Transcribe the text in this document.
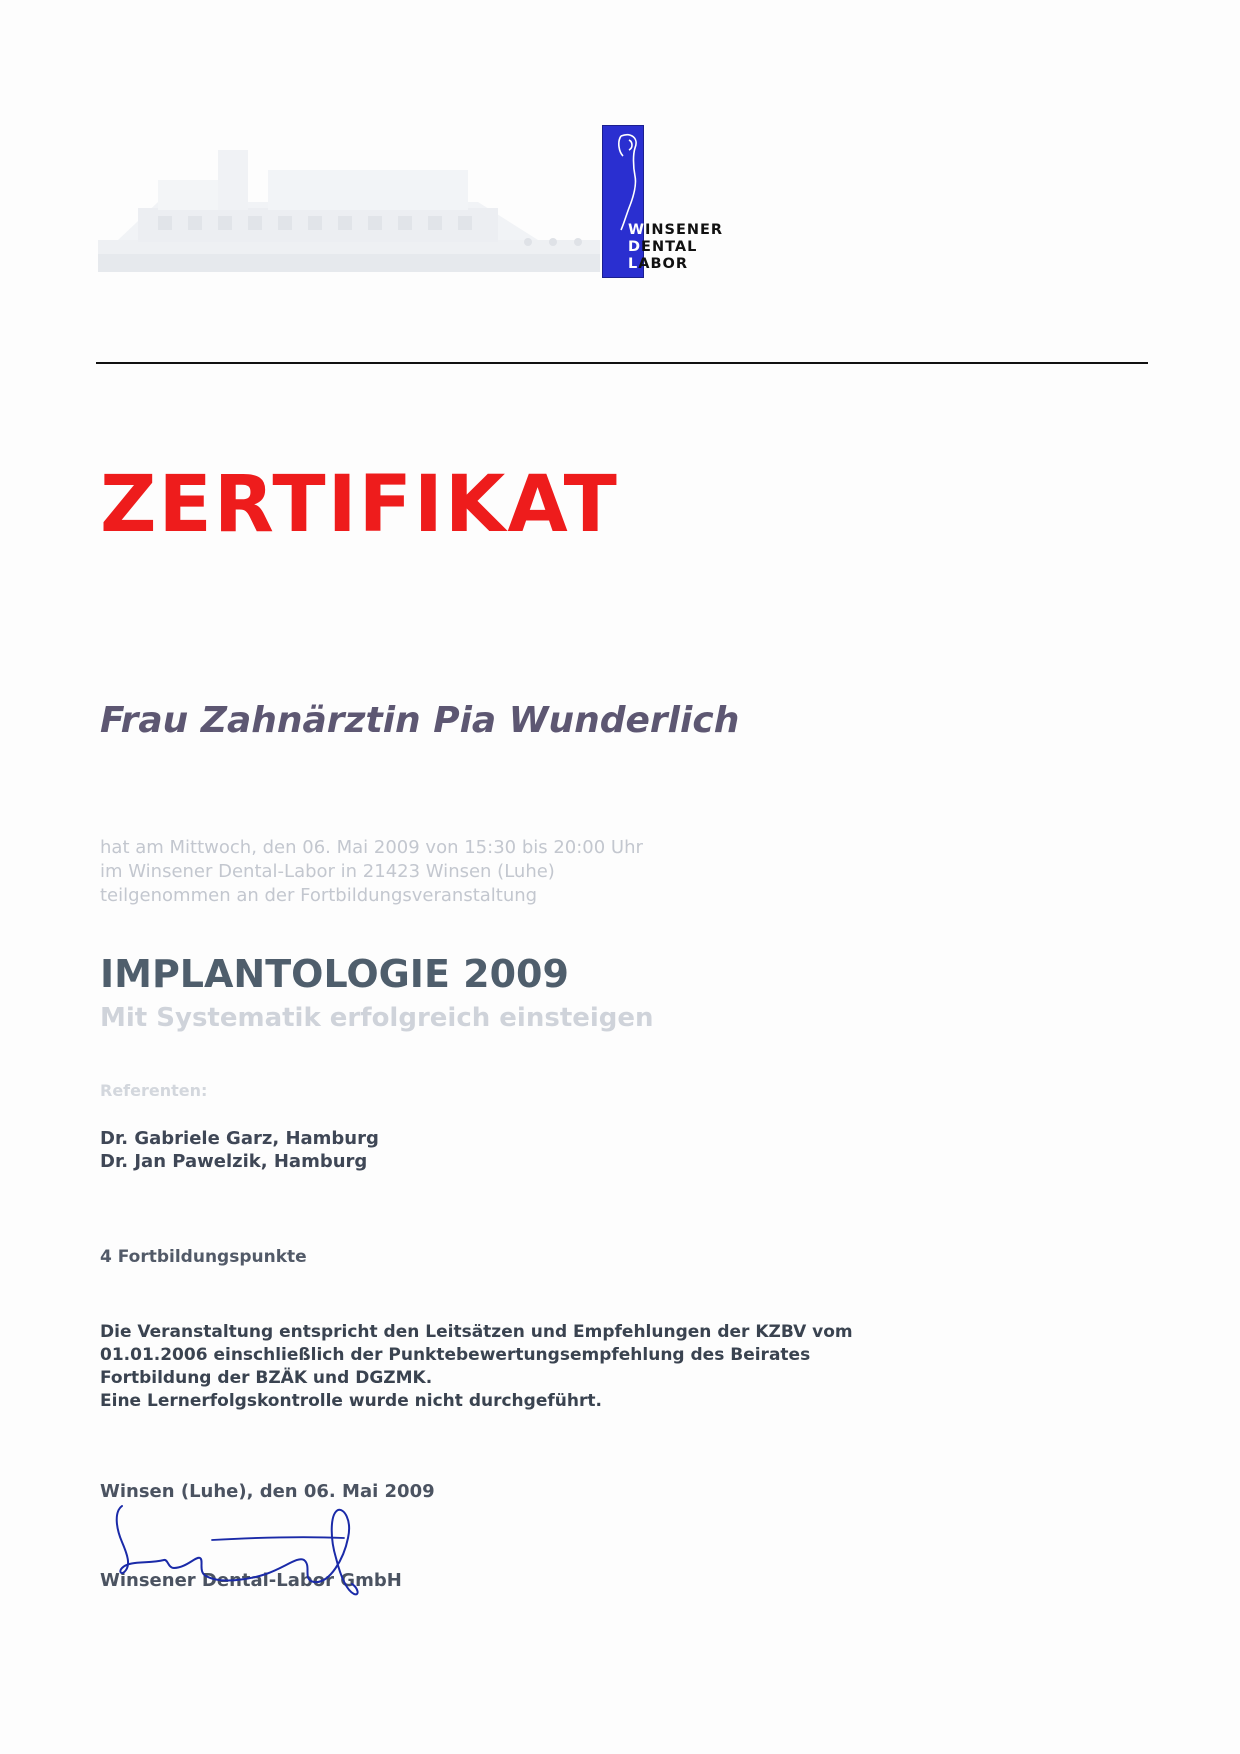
WINSENER
DENTAL
LABOR
ZERTIFIKAT
Frau Zahnärztin Pia Wunderlich
hat am Mittwoch, den 06. Mai 2009 von 15:30 bis 20:00 Uhr
im Winsener Dental-Labor in 21423 Winsen (Luhe)
teilgenommen an der Fortbildungsveranstaltung
IMPLANTOLOGIE 2009
Mit Systematik erfolgreich einsteigen
Referenten:
Dr. Gabriele Garz, Hamburg
Dr. Jan Pawelzik, Hamburg
4 Fortbildungspunkte
Die Veranstaltung entspricht den Leitsätzen und Empfehlungen der KZBV vom
01.01.2006 einschließlich der Punktebewertungsempfehlung des Beirates
Fortbildung der BZÄK und DGZMK.
Eine Lernerfolgskontrolle wurde nicht durchgeführt.
Winsen (Luhe), den 06. Mai 2009
Winsener Dental-Labor GmbH
